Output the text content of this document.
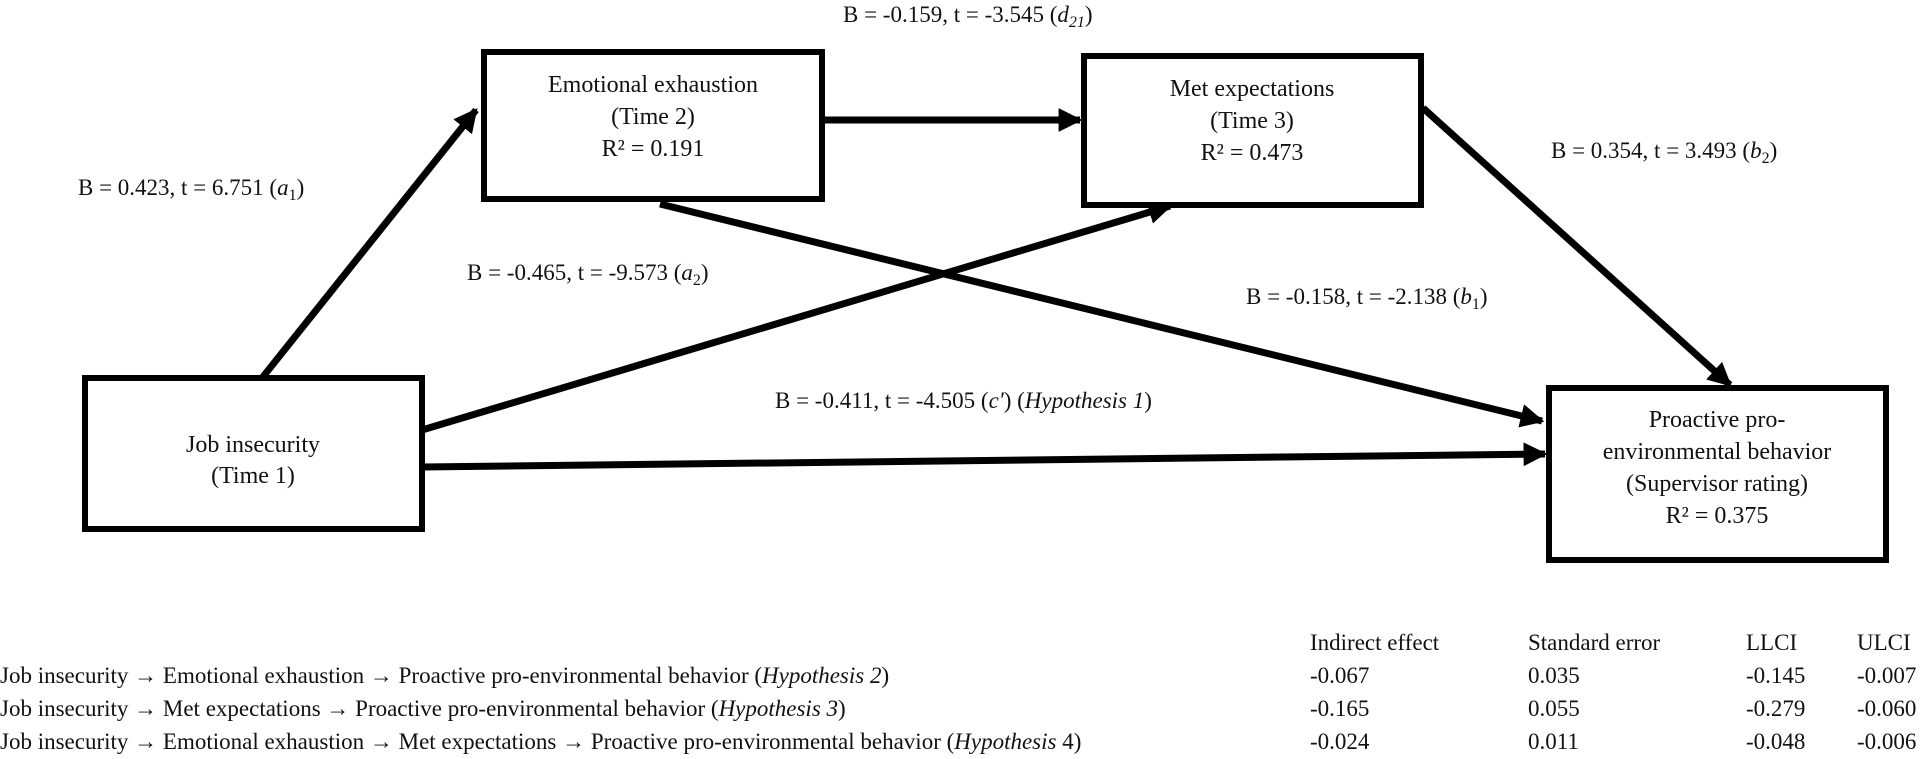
Job insecurity
(Time 1)
Emotional exhaustion
(Time 2)
R² = 0.191
Met expectations
(Time 3)
R² = 0.473
Proactive pro-
environmental behavior
(Supervisor rating)
R² = 0.375
B = 0.423, t = 6.751 $(a_1)$
B = -0.159, t = -3.545 $(d_{21})$
B = -0.465, t = -9.573 $(a_2)$
B = -0.158, t = -2.138 $(b_1)$
B = 0.354, t = 3.493 $(b_2)$
B = -0.411, t = -4.505 (c') (Hypothesis 1)
	Indirect effect	Standard error	LLCI	ULCI
Job insecurity → Emotional exhaustion → Proactive pro-environmental behavior (Hypothesis 2)	-0.067	0.035	-0.145	-0.007
Job insecurity → Met expectations → Proactive pro-environmental behavior (Hypothesis 3)	-0.165	0.055	-0.279	-0.060
Job insecurity → Emotional exhaustion → Met expectations → Proactive pro-environmental behavior (Hypothesis 4)	-0.024	0.011	-0.048	-0.006
